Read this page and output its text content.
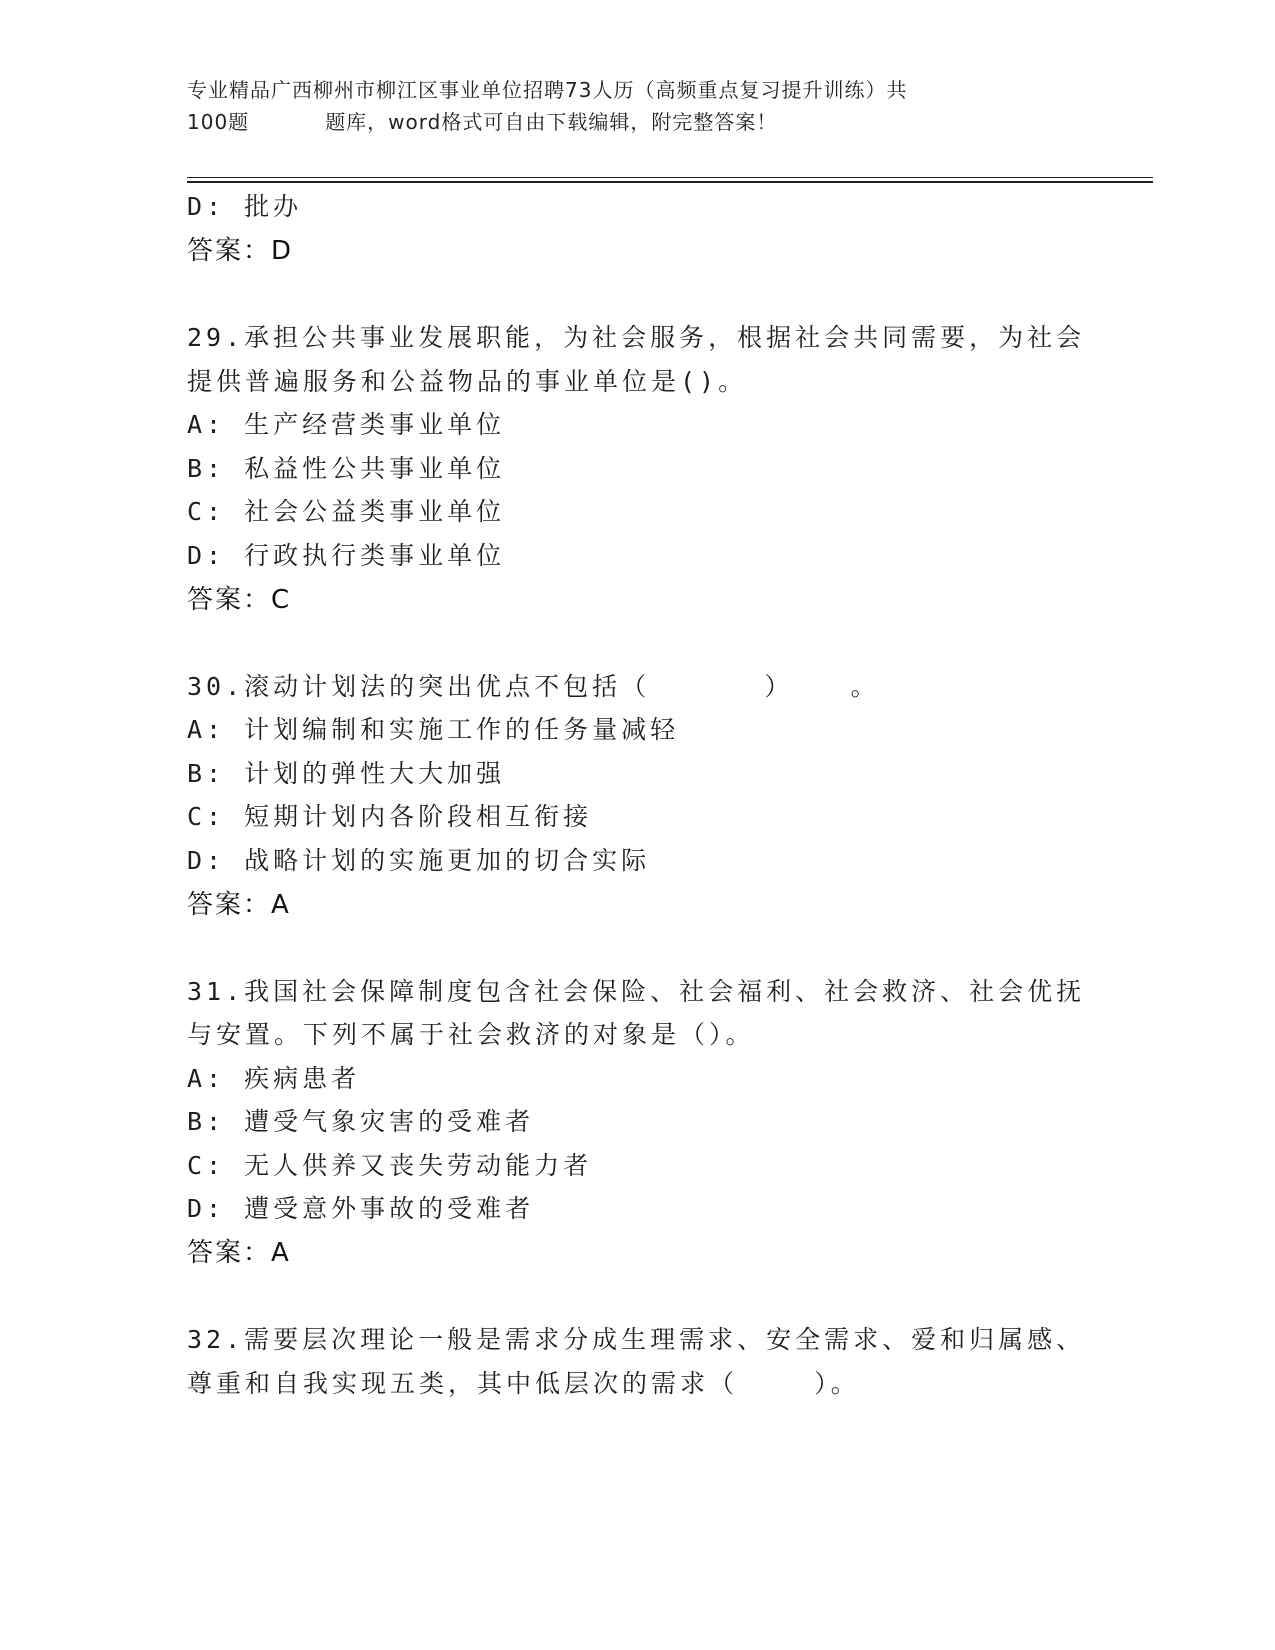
专业精品广西柳州市柳江区事业单位招聘73人历（高频重点复习提升训练）共
100题	题库，word格式可自由下载编辑，附完整答案！
D: 批办
答案：D
29.承担公共事业发展职能，为社会服务，根据社会共同需要，为社会
提供普遍服务和公益物品的事业单位是()。
A: 生产经营类事业单位
B: 私益性公共事业单位
C: 社会公益类事业单位
D: 行政执行类事业单位
答案：C
30.滚动计划法的突出优点不包括（      ）   。
A: 计划编制和实施工作的任务量减轻
B: 计划的弹性大大加强
C: 短期计划内各阶段相互衔接
D: 战略计划的实施更加的切合实际
答案：A
31.我国社会保障制度包含社会保险、社会福利、社会救济、社会优抚
与安置。下列不属于社会救济的对象是（）。
A: 疾病患者
B: 遭受气象灾害的受难者
C: 无人供养又丧失劳动能力者
D: 遭受意外事故的受难者
答案：A
32.需要层次理论一般是需求分成生理需求、安全需求、爱和归属感、
尊重和自我实现五类，其中低层次的需求（    ）。
